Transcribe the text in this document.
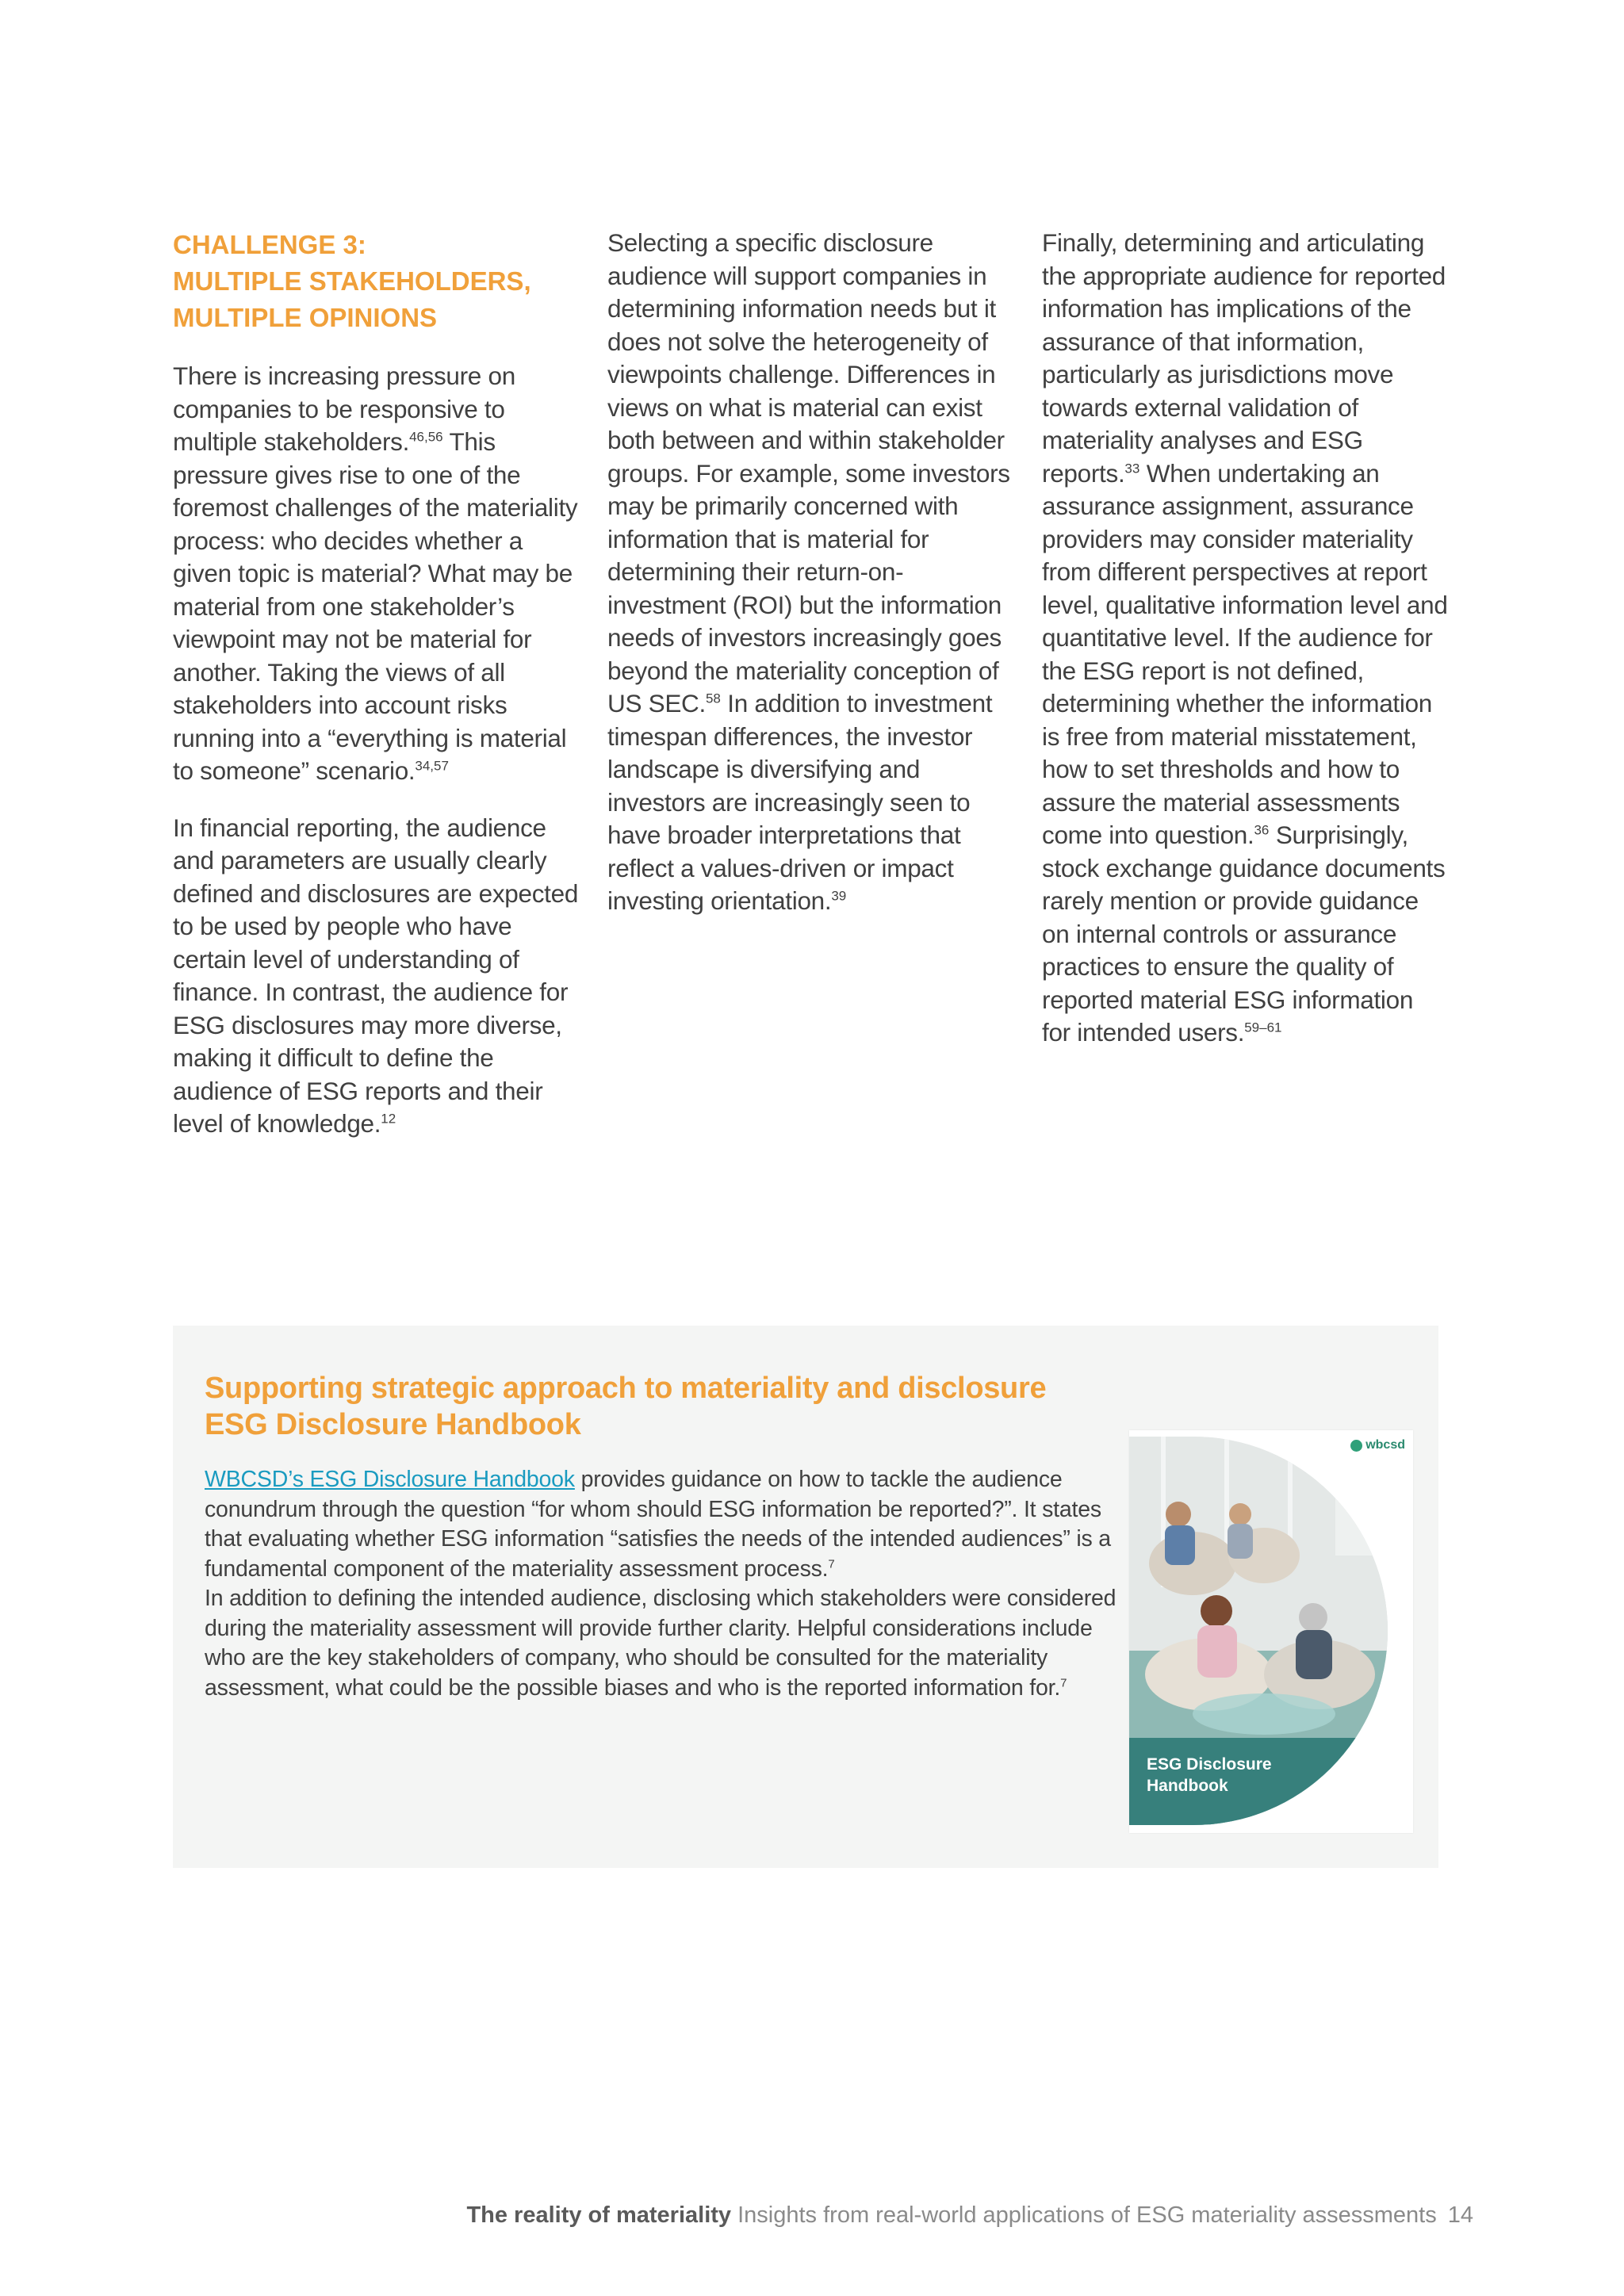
CHALLENGE 3:
MULTIPLE STAKEHOLDERS,
MULTIPLE OPINIONS

There is increasing pressure on companies to be responsive to multiple stakeholders.$^{46,56}$ This pressure gives rise to one of the foremost challenges of the materiality process: who decides whether a given topic is material? What may be material from one stakeholder’s viewpoint may not be material for another. Taking the views of all stakeholders into account risks running into a “everything is material to someone” scenario.$^{34,57}$

In financial reporting, the audience and parameters are usually clearly defined and disclosures are expected to be used by people who have certain level of understanding of finance. In contrast, the audience for ESG disclosures may more diverse, making it difficult to define the audience of ESG reports and their level of knowledge.$^{12}$

Selecting a specific disclosure audience will support companies in determining information needs but it does not solve the heterogeneity of viewpoints challenge. Differences in views on what is material can exist both between and within stakeholder groups. For example, some investors may be primarily concerned with information that is material for determining their return-on-investment (ROI) but the information needs of investors increasingly goes beyond the materiality conception of US SEC.$^{58}$ In addition to investment timespan differences, the investor landscape is diversifying and investors are increasingly seen to have broader interpretations that reflect a values-driven or impact investing orientation.$^{39}$

Finally, determining and articulating the appropriate audience for reported information has implications of the assurance of that information, particularly as jurisdictions move towards external validation of materiality analyses and ESG reports.$^{33}$ When undertaking an assurance assignment, assurance providers may consider materiality from different perspectives at report level, qualitative information level and quantitative level. If the audience for the ESG report is not defined, determining whether the information is free from material misstatement, how to set thresholds and how to assure the material assessments come into question.$^{36}$ Surprisingly, stock exchange guidance documents rarely mention or provide guidance on internal controls or assurance practices to ensure the quality of reported material ESG information for intended users.$^{59-61}$

Supporting strategic approach to materiality and disclosure
ESG Disclosure Handbook
WBCSD’s ESG Disclosure Handbook provides guidance on how to tackle the audience conundrum through the question “for whom should ESG information be reported?”. It states that evaluating whether ESG information “satisfies the needs of the intended audiences” is a fundamental component of the materiality assessment process.$^7$
In addition to defining the intended audience, disclosing which stakeholders were considered during the materiality assessment will provide further clarity. Helpful considerations include who are the key stakeholders of company, who should be consulted for the materiality assessment, what could be the possible biases and who is the reported information for.$^7$
ESG Disclosure
Handbook
wbcsd
The reality of materiality Insights from real-world applications of ESG materiality assessments 14
